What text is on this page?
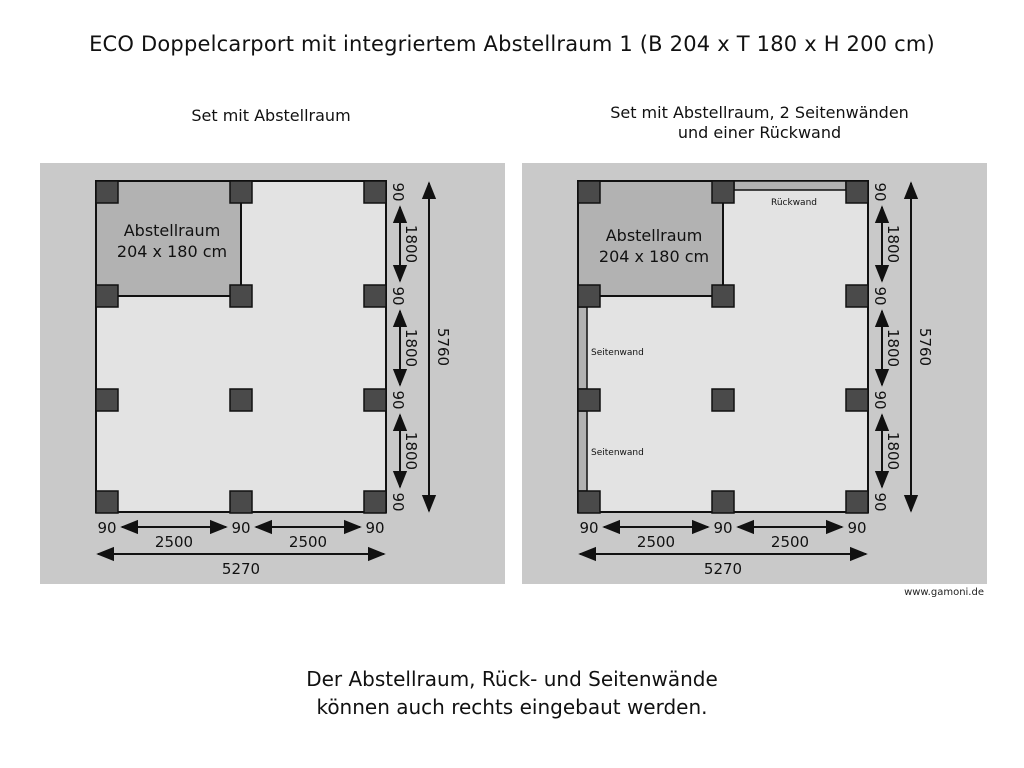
ECO Doppelcarport mit integriertem Abstellraum 1 (B 204 x T 180 x H 200 cm)
Set mit Abstellraum	Set mit Abstellraum, 2 Seitenwänden
und einer Rückwand
Abstellraum
204 x 180 cm
90	90	90
2500	2500
5270
90
1800
90
1800
90
1800
90
5760
Abstellraum
204 x 180 cm
Rückwand
Seitenwand
Seitenwand
90	90	90
2500	2500
5270
90
1800
90
1800
90
1800
90
5760
www.gamoni.de
Der Abstellraum, Rück- und Seitenwände
können auch rechts eingebaut werden.
